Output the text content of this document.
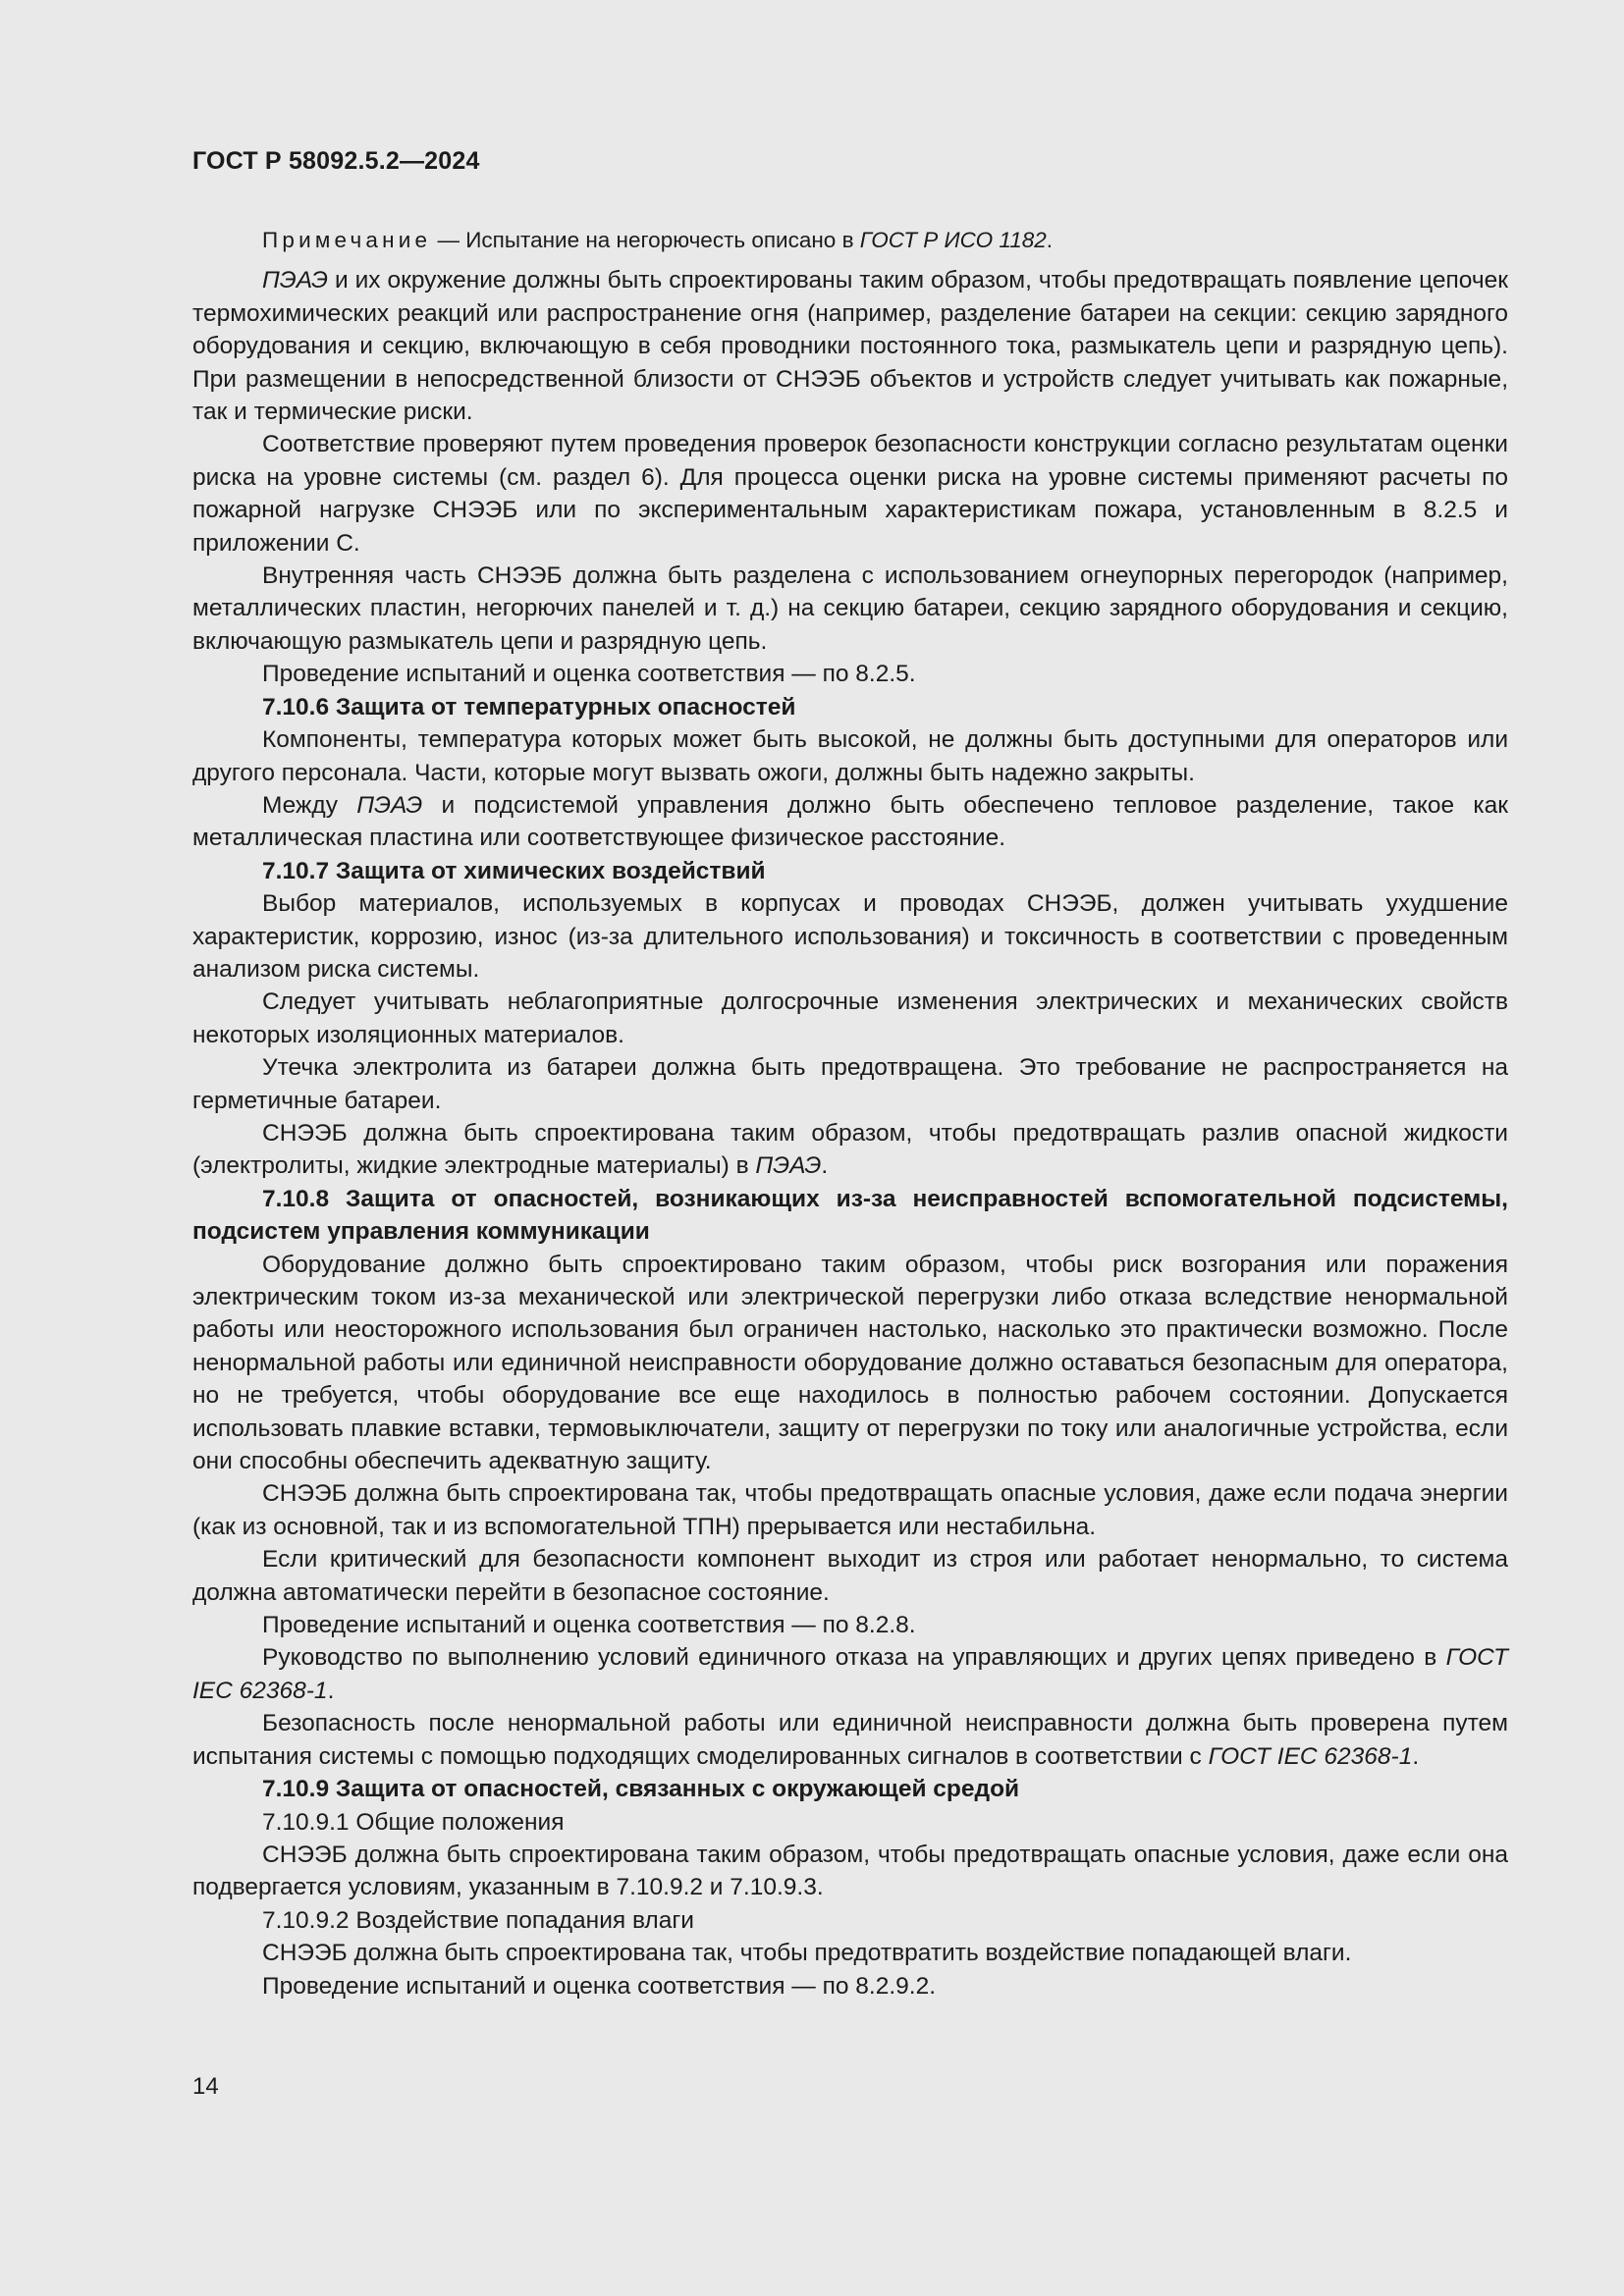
ГОСТ Р 58092.5.2—2024

Примечание — Испытание на негорючесть описано в ГОСТ Р ИСО 1182.

ПЭАЭ и их окружение должны быть спроектированы таким образом, чтобы предотвращать появление цепочек термохимических реакций или распространение огня (например, разделение батареи на секции: секцию зарядного оборудования и секцию, включающую в себя проводники постоянного тока, размыкатель цепи и разрядную цепь). При размещении в непосредственной близости от СНЭЭБ объектов и устройств следует учитывать как пожарные, так и термические риски.

Соответствие проверяют путем проведения проверок безопасности конструкции согласно результатам оценки риска на уровне системы (см. раздел 6). Для процесса оценки риска на уровне системы применяют расчеты по пожарной нагрузке СНЭЭБ или по экспериментальным характеристикам пожара, установленным в 8.2.5 и приложении С.

Внутренняя часть СНЭЭБ должна быть разделена с использованием огнеупорных перегородок (например, металлических пластин, негорючих панелей и т. д.) на секцию батареи, секцию зарядного оборудования и секцию, включающую размыкатель цепи и разрядную цепь.

Проведение испытаний и оценка соответствия — по 8.2.5.

7.10.6 Защита от температурных опасностей

Компоненты, температура которых может быть высокой, не должны быть доступными для операторов или другого персонала. Части, которые могут вызвать ожоги, должны быть надежно закрыты.

Между ПЭАЭ и подсистемой управления должно быть обеспечено тепловое разделение, такое как металлическая пластина или соответствующее физическое расстояние.

7.10.7 Защита от химических воздействий

Выбор материалов, используемых в корпусах и проводах СНЭЭБ, должен учитывать ухудшение характеристик, коррозию, износ (из-за длительного использования) и токсичность в соответствии с проведенным анализом риска системы.

Следует учитывать неблагоприятные долгосрочные изменения электрических и механических свойств некоторых изоляционных материалов.

Утечка электролита из батареи должна быть предотвращена. Это требование не распространяется на герметичные батареи.

СНЭЭБ должна быть спроектирована таким образом, чтобы предотвращать разлив опасной жидкости (электролиты, жидкие электродные материалы) в ПЭАЭ.

7.10.8 Защита от опасностей, возникающих из-за неисправностей вспомогательной подсистемы, подсистем управления коммуникации

Оборудование должно быть спроектировано таким образом, чтобы риск возгорания или поражения электрическим током из-за механической или электрической перегрузки либо отказа вследствие ненормальной работы или неосторожного использования был ограничен настолько, насколько это практически возможно. После ненормальной работы или единичной неисправности оборудование должно оставаться безопасным для оператора, но не требуется, чтобы оборудование все еще находилось в полностью рабочем состоянии. Допускается использовать плавкие вставки, термовыключатели, защиту от перегрузки по току или аналогичные устройства, если они способны обеспечить адекватную защиту.

СНЭЭБ должна быть спроектирована так, чтобы предотвращать опасные условия, даже если подача энергии (как из основной, так и из вспомогательной ТПН) прерывается или нестабильна.

Если критический для безопасности компонент выходит из строя или работает ненормально, то система должна автоматически перейти в безопасное состояние.

Проведение испытаний и оценка соответствия — по 8.2.8.

Руководство по выполнению условий единичного отказа на управляющих и других цепях приведено в ГОСТ IEC 62368-1.

Безопасность после ненормальной работы или единичной неисправности должна быть проверена путем испытания системы с помощью подходящих смоделированных сигналов в соответствии с ГОСТ IEC 62368-1.

7.10.9 Защита от опасностей, связанных с окружающей средой

7.10.9.1 Общие положения

СНЭЭБ должна быть спроектирована таким образом, чтобы предотвращать опасные условия, даже если она подвергается условиям, указанным в 7.10.9.2 и 7.10.9.3.

7.10.9.2 Воздействие попадания влаги

СНЭЭБ должна быть спроектирована так, чтобы предотвратить воздействие попадающей влаги.

Проведение испытаний и оценка соответствия — по 8.2.9.2.

14
